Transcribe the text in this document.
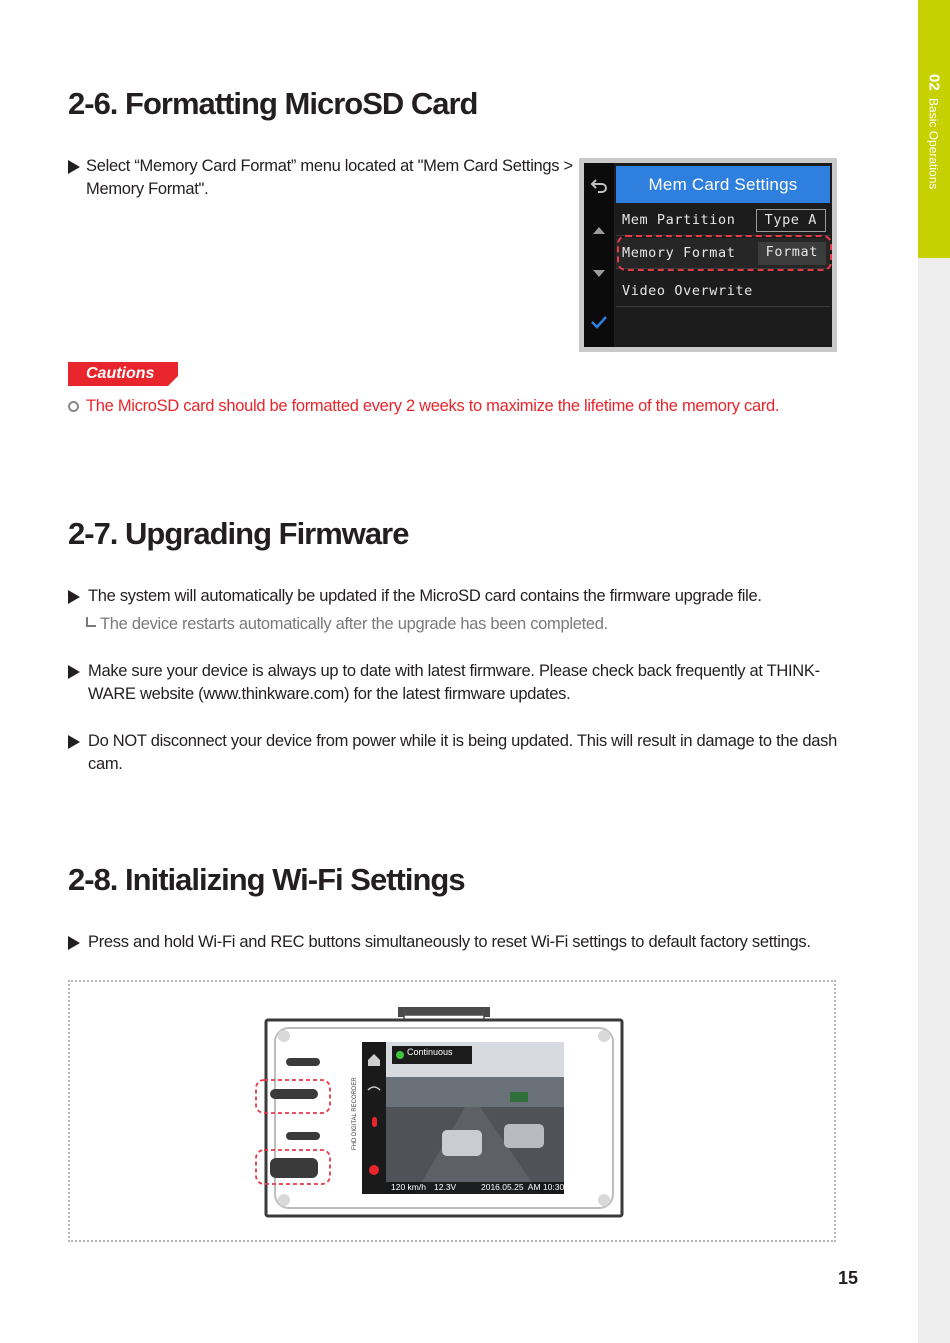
02 Basic Operations
2-6. Formatting MicroSD Card
Select “Memory Card Format” menu located at "Mem Card Settings >
Memory Format".	Mem Card Settings
Mem Partition	Type A
Memory Format	Format
Video Overwrite
Cautions
The MicroSD card should be formatted every 2 weeks to maximize the lifetime of the memory card.
2-7. Upgrading Firmware
The system will automatically be updated if the MicroSD card contains the firmware upgrade file.
The device restarts automatically after the upgrade has been completed.
Make sure your device is always up to date with latest firmware. Please check back frequently at THINK-
WARE website (www.thinkware.com) for the latest firmware updates.
Do NOT disconnect your device from power while it is being updated. This will result in damage to the dash
cam.
2-8. Initializing Wi-Fi Settings
Press and hold Wi-Fi and REC buttons simultaneously to reset Wi-Fi settings to default factory settings.
Continuous
120 km/h 12.3V	2016.05.25  AM 10:30
FHD DIGITAL RECORDER
15
